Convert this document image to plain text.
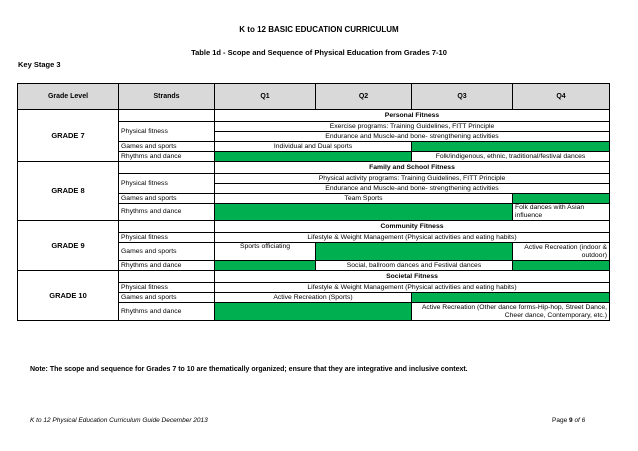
K to 12 BASIC EDUCATION CURRICULUM
Table 1d - Scope and Sequence of Physical Education from Grades 7-10
Key Stage 3
Grade Level	Strands	Q1	Q2	Q3	Q4
GRADE 7		Personal Fitness			
	Physical fitness	Exercise programs: Training Guidelines, FITT Principle			
		Endurance and Muscle-and bone- strengthening activities			
	Games and sports	Individual and Dual sports			
	Rhythms and dance			Folk/indigenous, ethnic, traditional/festival dances	
GRADE 8		Family and School Fitness			
	Physical fitness	Physical activity programs: Training Guidelines, FITT Principle			
		Endurance and Muscle-and bone- strengthening activities			
	Games and sports	Team Sports			
	Rhythms and dance				Folk dances with Asian influence
GRADE 9		Community Fitness			
	Physical fitness	Lifestyle & Weight Management (Physical activities and eating habits)			
	Games and sports	Sports officiating			Active Recreation (indoor & outdoor)
	Rhythms and dance		Social, ballroom dances and Festival dances		
GRADE 10		Societal Fitness			
	Physical fitness	Lifestyle & Weight Management (Physical activities and eating habits)			
	Games and sports	Active Recreation (Sports)			
	Rhythms and dance			Active Recreation (Other dance forms-Hip-hop, Street Dance, Cheer dance, Contemporary, etc.)	
Note: The scope and sequence for Grades 7 to 10 are thematically organized; ensure that they are integrative and inclusive context.
K to 12 Physical Education Curriculum Guide December 2013	Page 9 of 6
